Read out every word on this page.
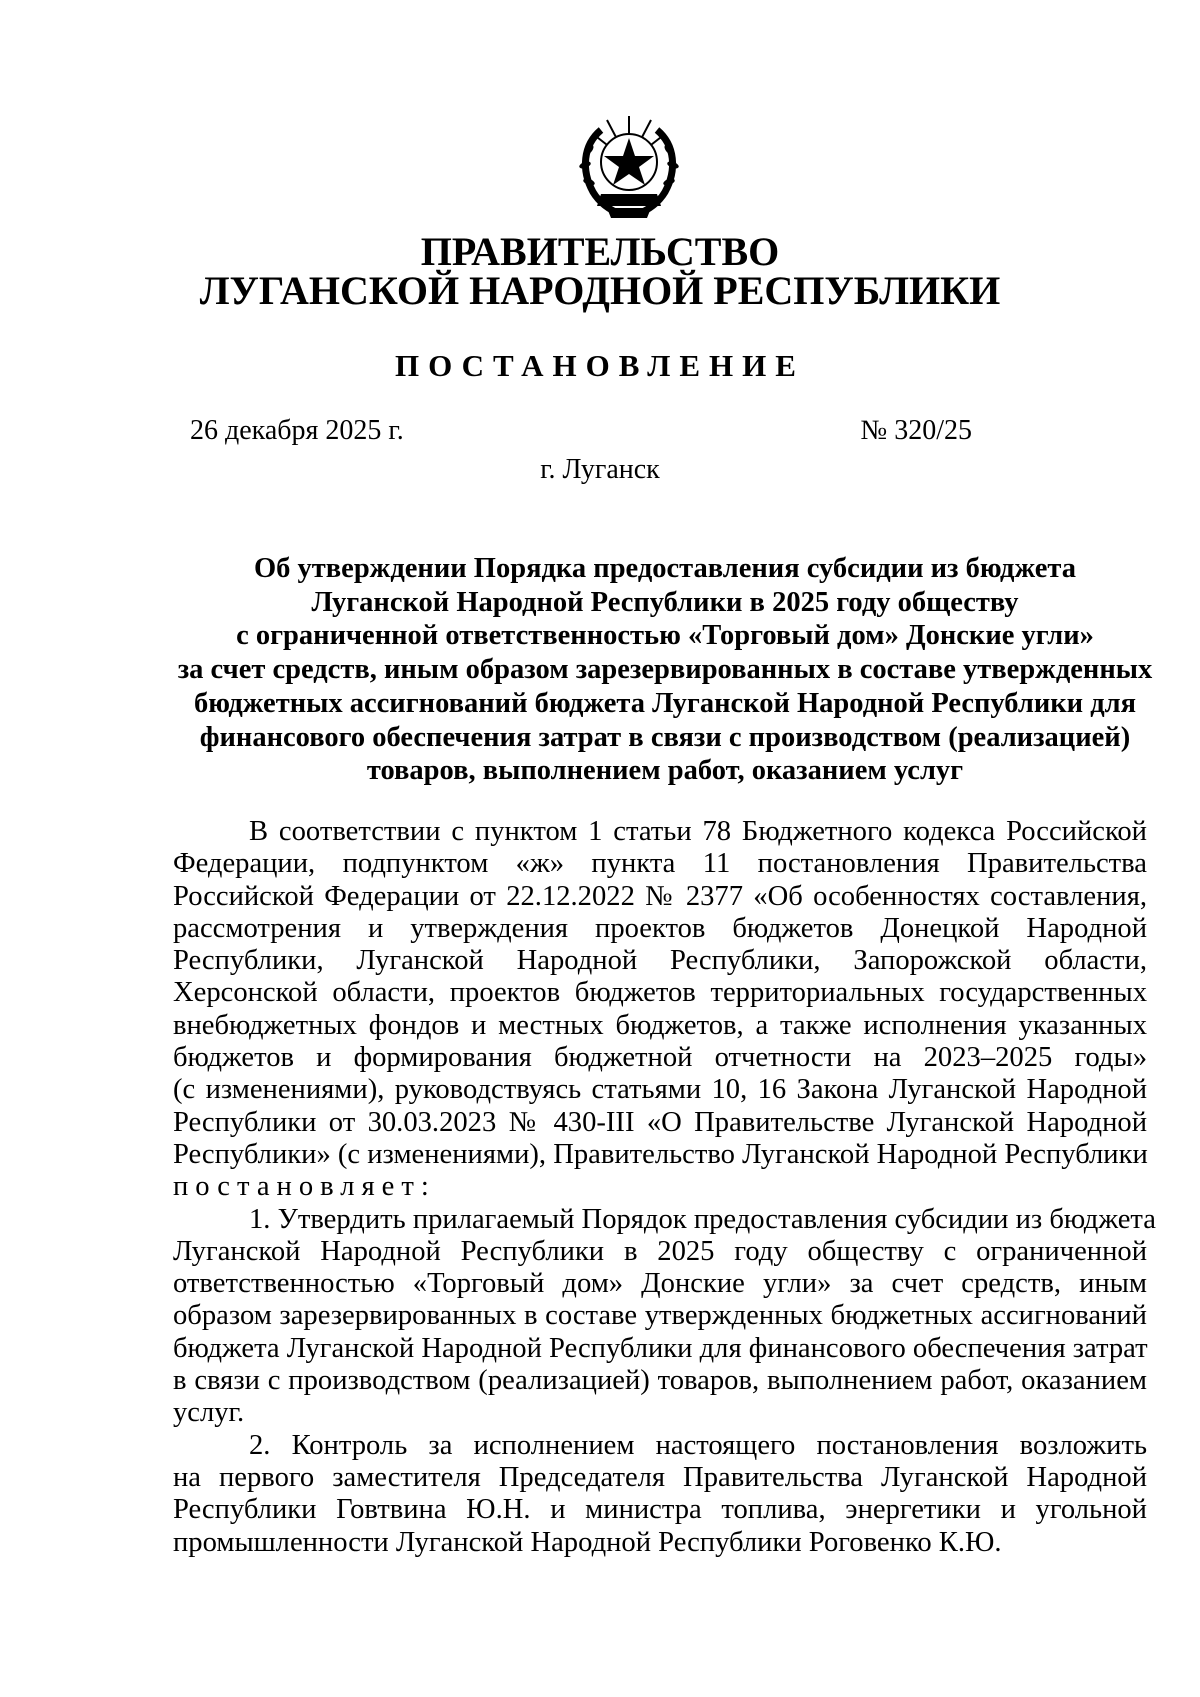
ПРАВИТЕЛЬСТВО
ЛУГАНСКОЙ НАРОДНОЙ РЕСПУБЛИКИ
ПОСТАНОВЛЕНИЕ
26 декабря 2025 г.	№ 320/25
г. Луганск
Об утверждении Порядка предоставления субсидии из бюджета
Луганской Народной Республики в 2025 году обществу
с ограниченной ответственностью «Торговый дом» Донские угли»
за счет средств, иным образом зарезервированных в составе утвержденных
бюджетных ассигнований бюджета Луганской Народной Республики для
финансового обеспечения затрат в связи с производством (реализацией)
товаров, выполнением работ, оказанием услуг
В соответствии с пунктом 1 статьи 78 Бюджетного кодекса Российской
Федерации, подпунктом «ж» пункта 11 постановления Правительства
Российской Федерации от 22.12.2022 № 2377 «Об особенностях составления,
рассмотрения и утверждения проектов бюджетов Донецкой Народной
Республики, Луганской Народной Республики, Запорожской области,
Херсонской области, проектов бюджетов территориальных государственных
внебюджетных фондов и местных бюджетов, а также исполнения указанных
бюджетов и формирования бюджетной отчетности на 2023–2025 годы»
(с изменениями), руководствуясь статьями 10, 16 Закона Луганской Народной
Республики от 30.03.2023 № 430-III «О Правительстве Луганской Народной
Республики» (с изменениями), Правительство Луганской Народной Республики
постановляет:
1. Утвердить прилагаемый Порядок предоставления субсидии из бюджета
Луганской Народной Республики в 2025 году обществу с ограниченной
ответственностью «Торговый дом» Донские угли» за счет средств, иным
образом зарезервированных в составе утвержденных бюджетных ассигнований
бюджета Луганской Народной Республики для финансового обеспечения затрат
в связи с производством (реализацией) товаров, выполнением работ, оказанием
услуг.
2. Контроль за исполнением настоящего постановления возложить
на первого заместителя Председателя Правительства Луганской Народной
Республики Говтвина Ю.Н. и министра топлива, энергетики и угольной
промышленности Луганской Народной Республики Роговенко К.Ю.
